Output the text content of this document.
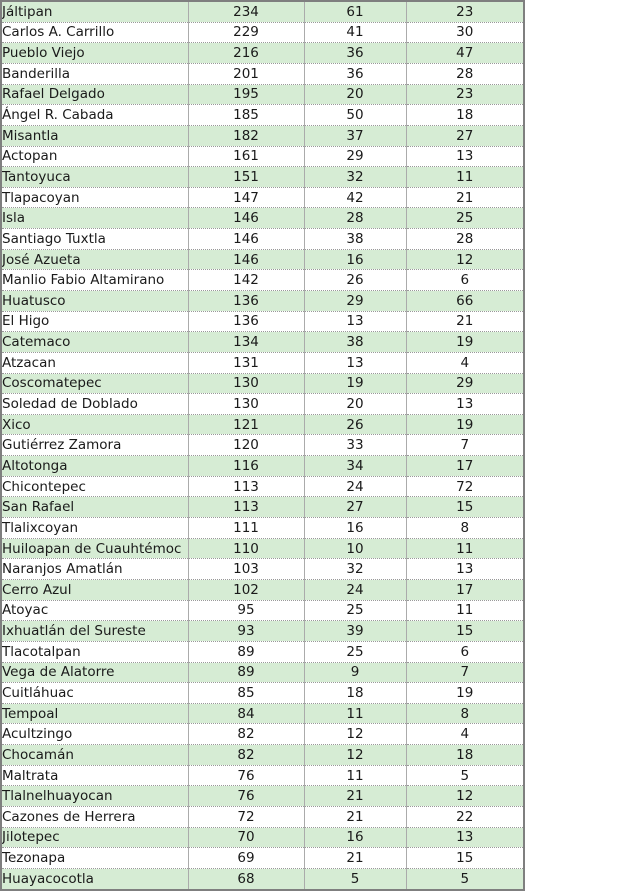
Jáltipan	234	61	23
Carlos A. Carrillo	229	41	30
Pueblo Viejo	216	36	47
Banderilla	201	36	28
Rafael Delgado	195	20	23
Ángel R. Cabada	185	50	18
Misantla	182	37	27
Actopan	161	29	13
Tantoyuca	151	32	11
Tlapacoyan	147	42	21
Isla	146	28	25
Santiago Tuxtla	146	38	28
José Azueta	146	16	12
Manlio Fabio Altamirano	142	26	6
Huatusco	136	29	66
El Higo	136	13	21
Catemaco	134	38	19
Atzacan	131	13	4
Coscomatepec	130	19	29
Soledad de Doblado	130	20	13
Xico	121	26	19
Gutiérrez Zamora	120	33	7
Altotonga	116	34	17
Chicontepec	113	24	72
San Rafael	113	27	15
Tlalixcoyan	111	16	8
Huiloapan de Cuauhtémoc	110	10	11
Naranjos Amatlán	103	32	13
Cerro Azul	102	24	17
Atoyac	95	25	11
Ixhuatlán del Sureste	93	39	15
Tlacotalpan	89	25	6
Vega de Alatorre	89	9	7
Cuitláhuac	85	18	19
Tempoal	84	11	8
Acultzingo	82	12	4
Chocamán	82	12	18
Maltrata	76	11	5
Tlalnelhuayocan	76	21	12
Cazones de Herrera	72	21	22
Jilotepec	70	16	13
Tezonapa	69	21	15
Huayacocotla	68	5	5
